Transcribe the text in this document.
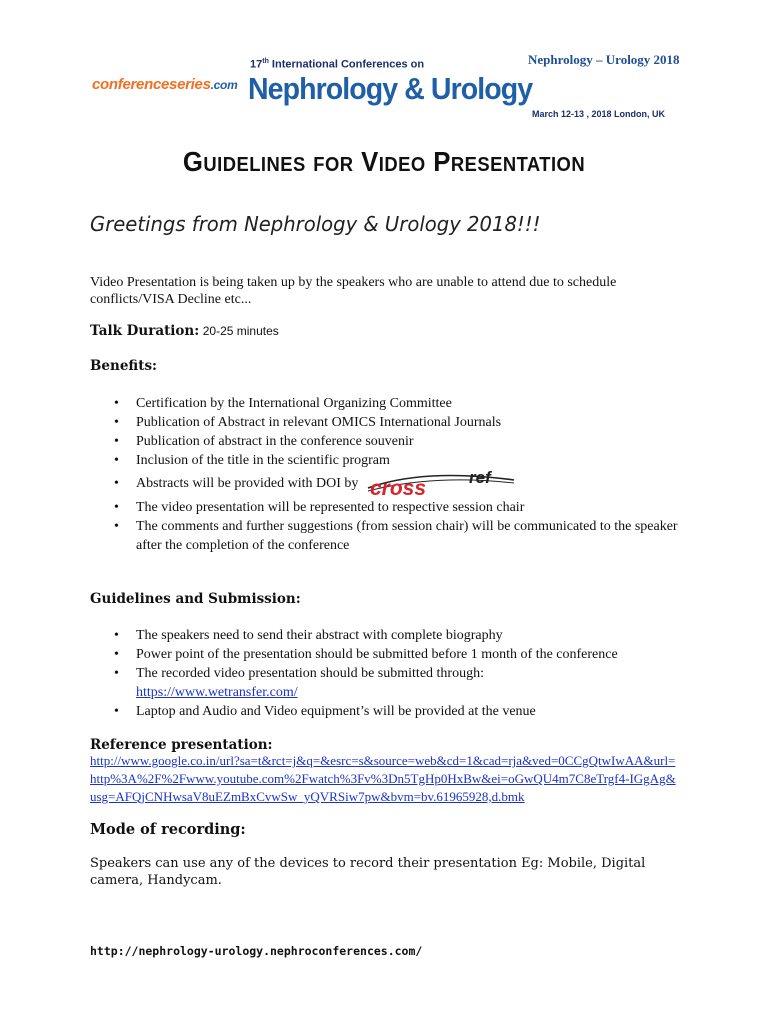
conferenceseries.com
17th International Conferences on
Nephrology & Urology
Nephrology – Urology 2018
March 12-13 , 2018 London, UK
Guidelines for Video Presentation
Greetings from Nephrology & Urology 2018!!!
Video Presentation is being taken up by the speakers who are unable to attend due to schedule conflicts/VISA Decline etc...
Talk Duration: 20-25 minutes
Benefits:
• Certification by the International Organizing Committee
• Publication of Abstract in relevant OMICS International Journals
• Publication of abstract in the conference souvenir
• Inclusion of the title in the scientific program
• Abstracts will be provided with DOI by cross	ref
• The video presentation will be represented to respective session chair
• The comments and further suggestions (from session chair) will be communicated to the speaker after the completion of the conference
Guidelines and Submission:
• The speakers need to send their abstract with complete biography
• Power point of the presentation should be submitted before 1 month of the conference
• The recorded video presentation should be submitted through:
https://www.wetransfer.com/
• Laptop and Audio and Video equipment’s will be provided at the venue
Reference presentation:
http://www.google.co.in/url?sa=t&rct=j&q=&esrc=s&source=web&cd=1&cad=rja&ved=0CCgQtwIwAA&url=http%3A%2F%2Fwww.youtube.com%2Fwatch%3Fv%3Dn5TgHp0HxBw&ei=oGwQU4m7C8eTrgf4-IGgAg&usg=AFQjCNHwsaV8uEZmBxCvwSw_yQVRSiw7pw&bvm=bv.61965928,d.bmk
Mode of recording:
Speakers can use any of the devices to record their presentation Eg: Mobile, Digital camera, Handycam.
http://nephrology-urology.nephroconferences.com/
